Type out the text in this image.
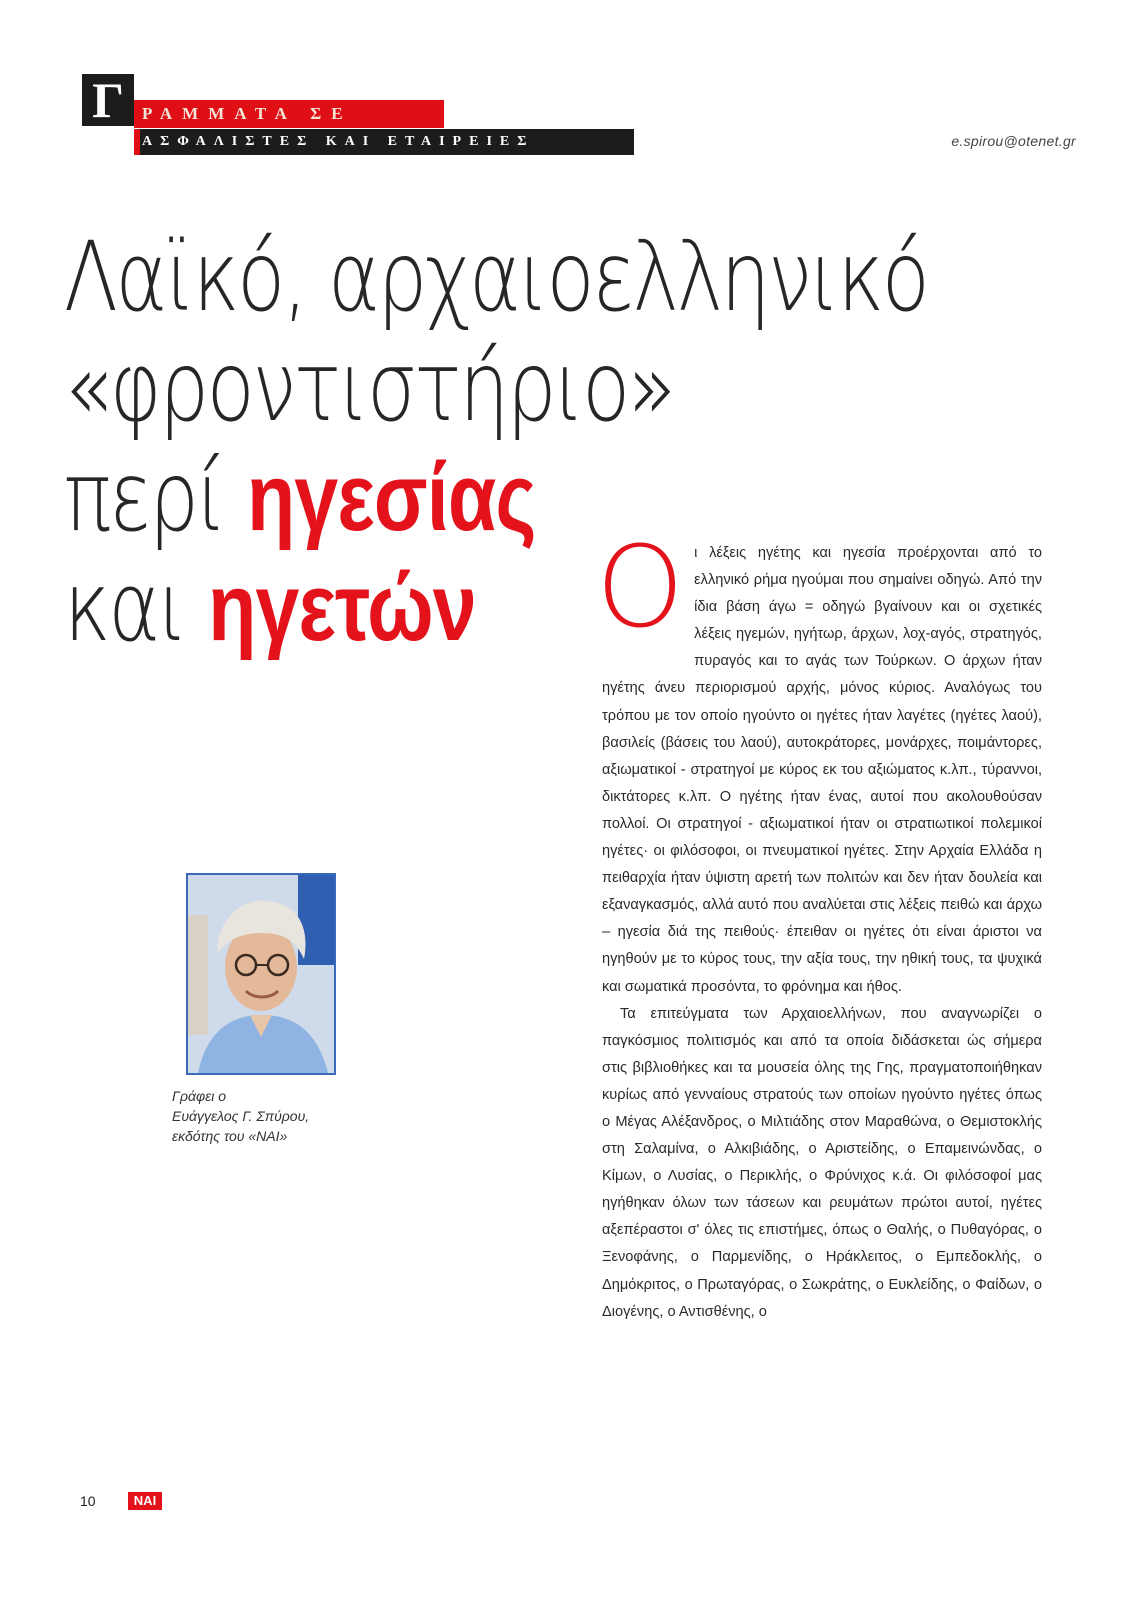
Γ	ΡΑΜΜΑΤΑ ΣΕ
ΑΣΦΑΛΙΣΤΕΣ ΚΑΙ ΕΤΑΙΡΕΙΕΣ	e.spirou@otenet.gr
Λαϊκό, αρχαιοελληνικό
«φροντιστήριο»
περί ηγεσίας
και ηγετών
Γράφει ο
Ευάγγελος Γ. Σπύρου,
εκδότης του «ΝΑΙ»
Ο ι λέξεις ηγέτης και ηγεσία προέρχονται από το ελληνικό ρήμα ηγούμαι που σημαίνει οδηγώ. Από την ίδια βάση άγω = οδηγώ βγαίνουν και οι σχετικές λέξεις ηγεμών, ηγήτωρ, άρχων, λοχ-αγός, στρατηγός, πυραγός και το αγάς των Τούρκων. Ο άρχων ήταν ηγέτης άνευ περιορισμού αρχής, μόνος κύριος. Αναλόγως του τρόπου με τον οποίο ηγούντο οι ηγέτες ήταν λαγέτες (ηγέτες λαού), βασιλείς (βάσεις του λαού), αυτοκράτορες, μονάρχες, ποιμάντορες, αξιωματικοί - στρατηγοί με κύρος εκ του αξιώματος κ.λπ., τύραννοι, δικτάτορες κ.λπ. Ο ηγέτης ήταν ένας, αυτοί που ακολουθούσαν πολλοί. Οι στρατηγοί - αξιωματικοί ήταν οι στρατιωτικοί πολεμικοί ηγέτες· οι φιλόσοφοι, οι πνευματικοί ηγέτες. Στην Αρχαία Ελλάδα η πειθαρχία ήταν ύψιστη αρετή των πολιτών και δεν ήταν δουλεία και εξαναγκασμός, αλλά αυτό που αναλύεται στις λέξεις πειθώ και άρχω – ηγεσία διά της πειθούς· έπειθαν οι ηγέτες ότι είναι άριστοι να ηγηθούν με το κύρος τους, την αξία τους, την ηθική τους, τα ψυχικά και σωματικά προσόντα, το φρόνημα και ήθος.

Τα επιτεύγματα των Αρχαιοελλήνων, που αναγνωρίζει ο παγκόσμιος πολιτισμός και από τα οποία διδάσκεται ώς σήμερα στις βιβλιοθήκες και τα μουσεία όλης της Γης, πραγματοποιήθηκαν κυρίως από γενναίους στρατούς των οποίων ηγούντο ηγέτες όπως ο Μέγας Αλέξανδρος, ο Μιλτιάδης στον Μαραθώνα, ο Θεμιστοκλής στη Σαλαμίνα, ο Αλκιβιάδης, ο Αριστείδης, ο Επαμεινώνδας, ο Κίμων, ο Λυσίας, ο Περικλής, ο Φρύνιχος κ.ά. Οι φιλόσοφοί μας ηγήθηκαν όλων των τάσεων και ρευμάτων πρώτοι αυτοί, ηγέτες αξεπέραστοι σ' όλες τις επιστήμες, όπως ο Θαλής, ο Πυθαγόρας, ο Ξενοφάνης, ο Παρμενίδης, ο Ηράκλειτος, ο Εμπεδοκλής, ο Δημόκριτος, ο Πρωταγόρας, ο Σωκράτης, ο Ευκλείδης, ο Φαίδων, ο Διογένης, ο Αντισθένης, ο

10	ΝΑΙ
